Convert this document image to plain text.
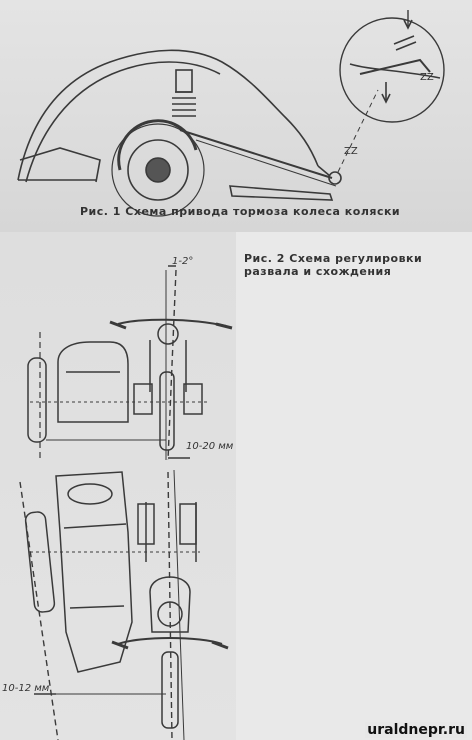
ZZ
ZZ
Рис. 1 Схема привода тормоза колеса коляски
Рис. 2 Схема регулировки развала и схождения
1-2°
10-20 мм
10-12 мм
uraldnepr.ru
